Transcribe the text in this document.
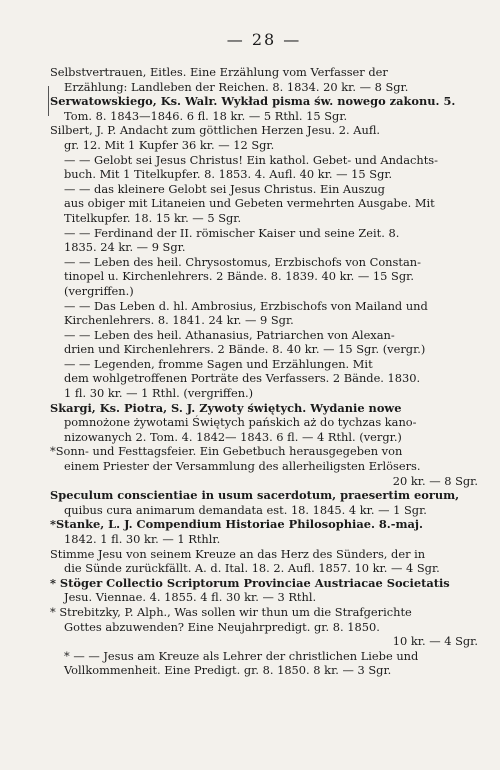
— 28 —
Selbstvertrauen, Eitles. Eine Erzählung vom Verfasser der
Erzählung: Landleben der Reichen. 8. 1834. 20 kr. — 8 Sgr.
Serwatowskiego, Ks. Walr. Wykład pisma św. nowego zakonu. 5.
Tom. 8. 1843—1846. 6 fl. 18 kr. — 5 Rthl. 15 Sgr.
Silbert, J. P. Andacht zum göttlichen Herzen Jesu. 2. Aufl.
gr. 12. Mit 1 Kupfer 36 kr. — 12 Sgr.
— — Gelobt sei Jesus Christus! Ein kathol. Gebet- und Andachts-
buch. Mit 1 Titelkupfer. 8. 1853. 4. Aufl. 40 kr. — 15 Sgr.
— — das kleinere Gelobt sei Jesus Christus. Ein Auszug
aus obiger mit Litaneien und Gebeten vermehrten Ausgabe. Mit
Titelkupfer. 18. 15 kr. — 5 Sgr.
— — Ferdinand der II. römischer Kaiser und seine Zeit. 8.
1835. 24 kr. — 9 Sgr.
— — Leben des heil. Chrysostomus, Erzbischofs von Constan-
tinopel u. Kirchenlehrers. 2 Bände. 8. 1839. 40 kr. — 15 Sgr.
(vergriffen.)
— — Das Leben d. hl. Ambrosius, Erzbischofs von Mailand und
Kirchenlehrers. 8. 1841. 24 kr. — 9 Sgr.
— — Leben des heil. Athanasius, Patriarchen von Alexan-
drien und Kirchenlehrers. 2 Bände. 8. 40 kr. — 15 Sgr. (vergr.)
— — Legenden, fromme Sagen und Erzählungen. Mit
dem wohlgetroffenen Porträte des Verfassers. 2 Bände. 1830.
1 fl. 30 kr. — 1 Rthl. (vergriffen.)
Skargi, Ks. Piotra, S. J. Zywoty świętych. Wydanie nowe
pomnożone żywotami Świętych pańskich aż do tychzas kano-
nizowanych 2. Tom. 4. 1842— 1843. 6 fl. — 4 Rthl. (vergr.)
*Sonn- und Festtagsfeier. Ein Gebetbuch herausgegeben von
einem Priester der Versammlung des allerheiligsten Erlösers.
20 kr. — 8 Sgr.
Speculum conscientiae in usum sacerdotum, praesertim eorum,
quibus cura animarum demandata est. 18. 1845. 4 kr. — 1 Sgr.
*Stanke, L. J. Compendium Historiae Philosophiae. 8.-maj.
1842. 1 fl. 30 kr. — 1 Rthlr.
Stimme Jesu von seinem Kreuze an das Herz des Sünders, der in
die Sünde zurückfällt. A. d. Ital. 18. 2. Aufl. 1857. 10 kr. — 4 Sgr.
* Stöger Collectio Scriptorum Provinciae Austriacae Societatis
Jesu. Viennae. 4. 1855. 4 fl. 30 kr. — 3 Rthl.
* Strebitzky, P. Alph., Was sollen wir thun um die Strafgerichte
Gottes abzuwenden? Eine Neujahrpredigt. gr. 8. 1850.
10 kr. — 4 Sgr.
* — — Jesus am Kreuze als Lehrer der christlichen Liebe und
Vollkommenheit. Eine Predigt. gr. 8. 1850. 8 kr. — 3 Sgr.
